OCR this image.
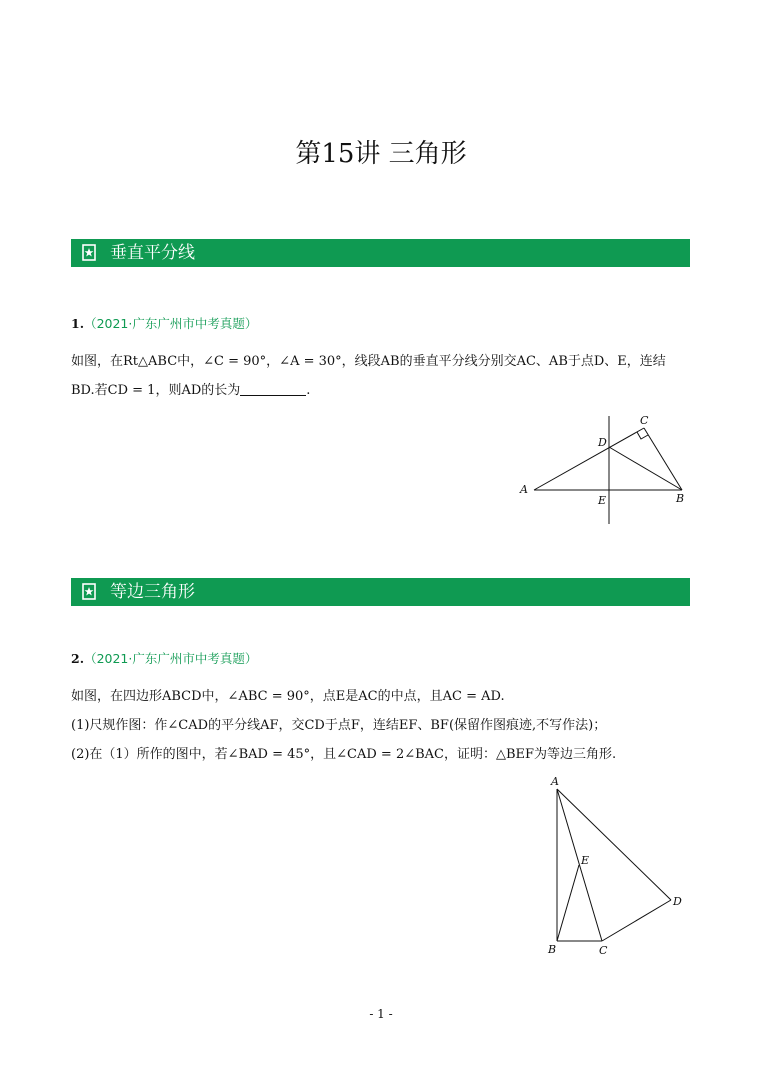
第15讲 三角形
垂直平分线
1.（2021·广东广州市中考真题）
如图，在Rt△ABC中，∠C = 90°，∠A = 30°，线段AB的垂直平分线分别交AC、AB于点D、E，连结
BD.若CD = 1，则AD的长为	.
A
B
C
D
E
等边三角形
2.（2021·广东广州市中考真题）
如图，在四边形ABCD中，∠ABC = 90°，点E是AC的中点，且AC = AD.
(1)尺规作图：作∠CAD的平分线AF，交CD于点F，连结EF、BF(保留作图痕迹,不写作法)；
(2)在（1）所作的图中，若∠BAD = 45°，且∠CAD = 2∠BAC，证明：△BEF为等边三角形.
A
B	C
D
E
- 1 -
